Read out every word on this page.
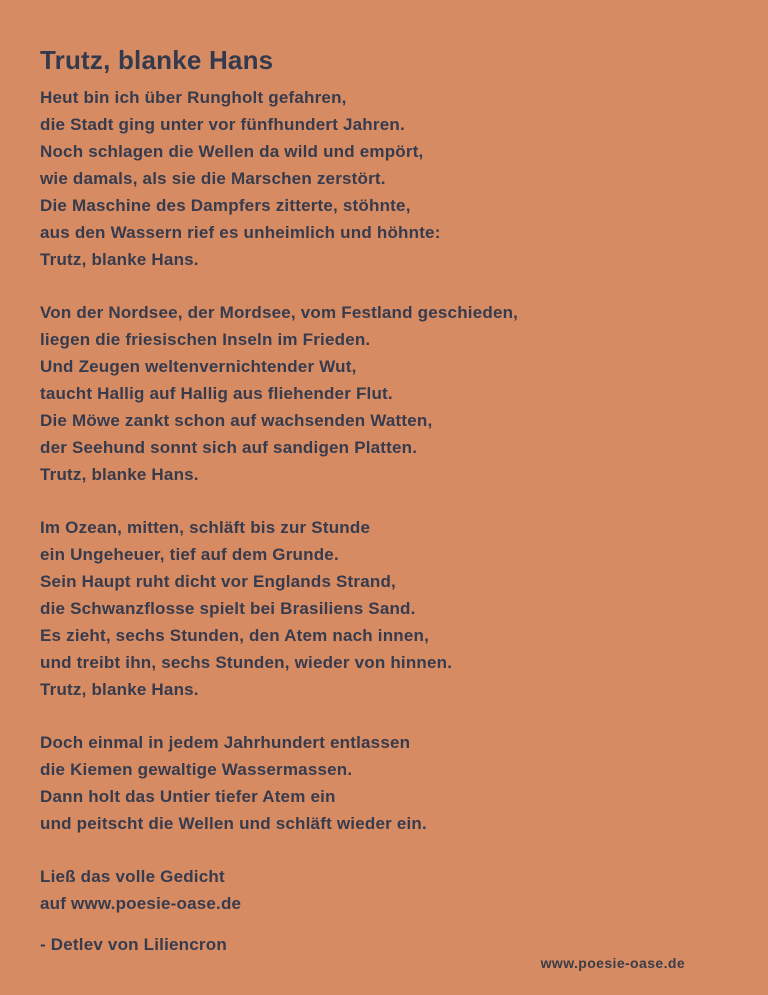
Trutz, blanke Hans

Heut bin ich über Rungholt gefahren,

die Stadt ging unter vor fünfhundert Jahren.

Noch schlagen die Wellen da wild und empört,

wie damals, als sie die Marschen zerstört.

Die Maschine des Dampfers zitterte, stöhnte,

aus den Wassern rief es unheimlich und höhnte:

Trutz, blanke Hans.

Von der Nordsee, der Mordsee, vom Festland geschieden,

liegen die friesischen Inseln im Frieden.

Und Zeugen weltenvernichtender Wut,

taucht Hallig auf Hallig aus fliehender Flut.

Die Möwe zankt schon auf wachsenden Watten,

der Seehund sonnt sich auf sandigen Platten.

Trutz, blanke Hans.

Im Ozean, mitten, schläft bis zur Stunde

ein Ungeheuer, tief auf dem Grunde.

Sein Haupt ruht dicht vor Englands Strand,

die Schwanzflosse spielt bei Brasiliens Sand.

Es zieht, sechs Stunden, den Atem nach innen,

und treibt ihn, sechs Stunden, wieder von hinnen.

Trutz, blanke Hans.

Doch einmal in jedem Jahrhundert entlassen

die Kiemen gewaltige Wassermassen.

Dann holt das Untier tiefer Atem ein

und peitscht die Wellen und schläft wieder ein.

Ließ das volle Gedicht

auf www.poesie-oase.de

- Detlev von Liliencron

www.poesie-oase.de
